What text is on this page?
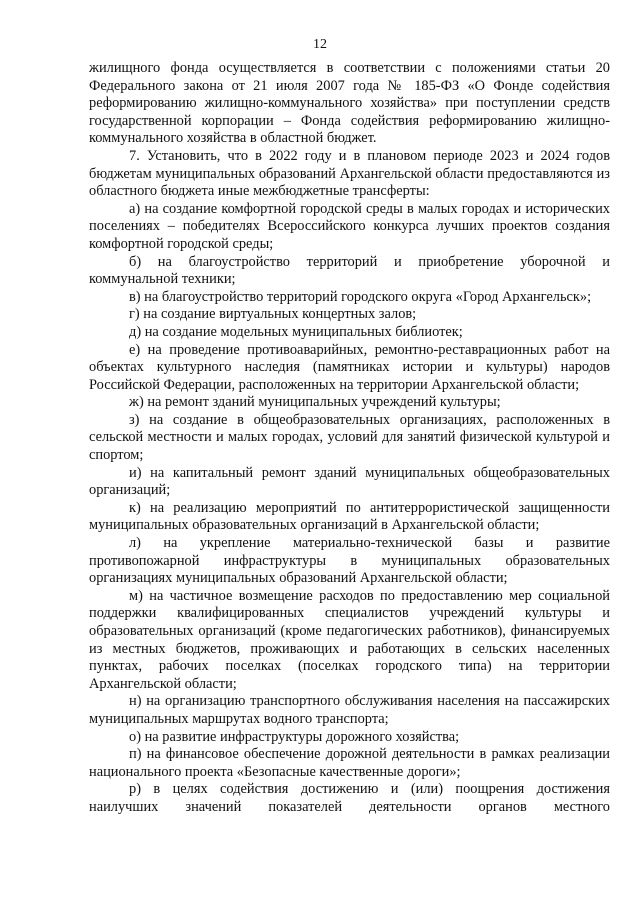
12

жилищного фонда осуществляется в соответствии с положениями статьи 20 Федерального закона от 21 июля 2007 года № 185-ФЗ «О Фонде содействия реформированию жилищно-коммунального хозяйства» при поступлении средств государственной корпорации – Фонда содействия реформированию жилищно-коммунального хозяйства в областной бюджет.

7. Установить, что в 2022 году и в плановом периоде 2023 и 2024 годов бюджетам муниципальных образований Архангельской области предоставляются из областного бюджета иные межбюджетные трансферты:

а) на создание комфортной городской среды в малых городах и исторических поселениях – победителях Всероссийского конкурса лучших проектов создания комфортной городской среды;

б) на благоустройство территорий и приобретение уборочной и коммунальной техники;

в) на благоустройство территорий городского округа «Город Архангельск»;

г) на создание виртуальных концертных залов;

д) на создание модельных муниципальных библиотек;

е) на проведение противоаварийных, ремонтно-реставрационных работ на объектах культурного наследия (памятниках истории и культуры) народов Российской Федерации, расположенных на территории Архангельской области;

ж) на ремонт зданий муниципальных учреждений культуры;

з) на создание в общеобразовательных организациях, расположенных в сельской местности и малых городах, условий для занятий физической культурой и спортом;

и) на капитальный ремонт зданий муниципальных общеобразовательных организаций;

к) на реализацию мероприятий по антитеррористической защищенности муниципальных образовательных организаций в Архангельской области;

л) на укрепление материально-технической базы и развитие противопожарной инфраструктуры в муниципальных образовательных организациях муниципальных образований Архангельской области;

м) на частичное возмещение расходов по предоставлению мер социальной поддержки квалифицированных специалистов учреждений культуры и образовательных организаций (кроме педагогических работников), финансируемых из местных бюджетов, проживающих и работающих в сельских населенных пунктах, рабочих поселках (поселках городского типа) на территории Архангельской области;

н) на организацию транспортного обслуживания населения на пассажирских муниципальных маршрутах водного транспорта;

о) на развитие инфраструктуры дорожного хозяйства;

п) на финансовое обеспечение дорожной деятельности в рамках реализации национального проекта «Безопасные качественные дороги»;

р) в целях содействия достижению и (или) поощрения достижения наилучших значений показателей деятельности органов местного
